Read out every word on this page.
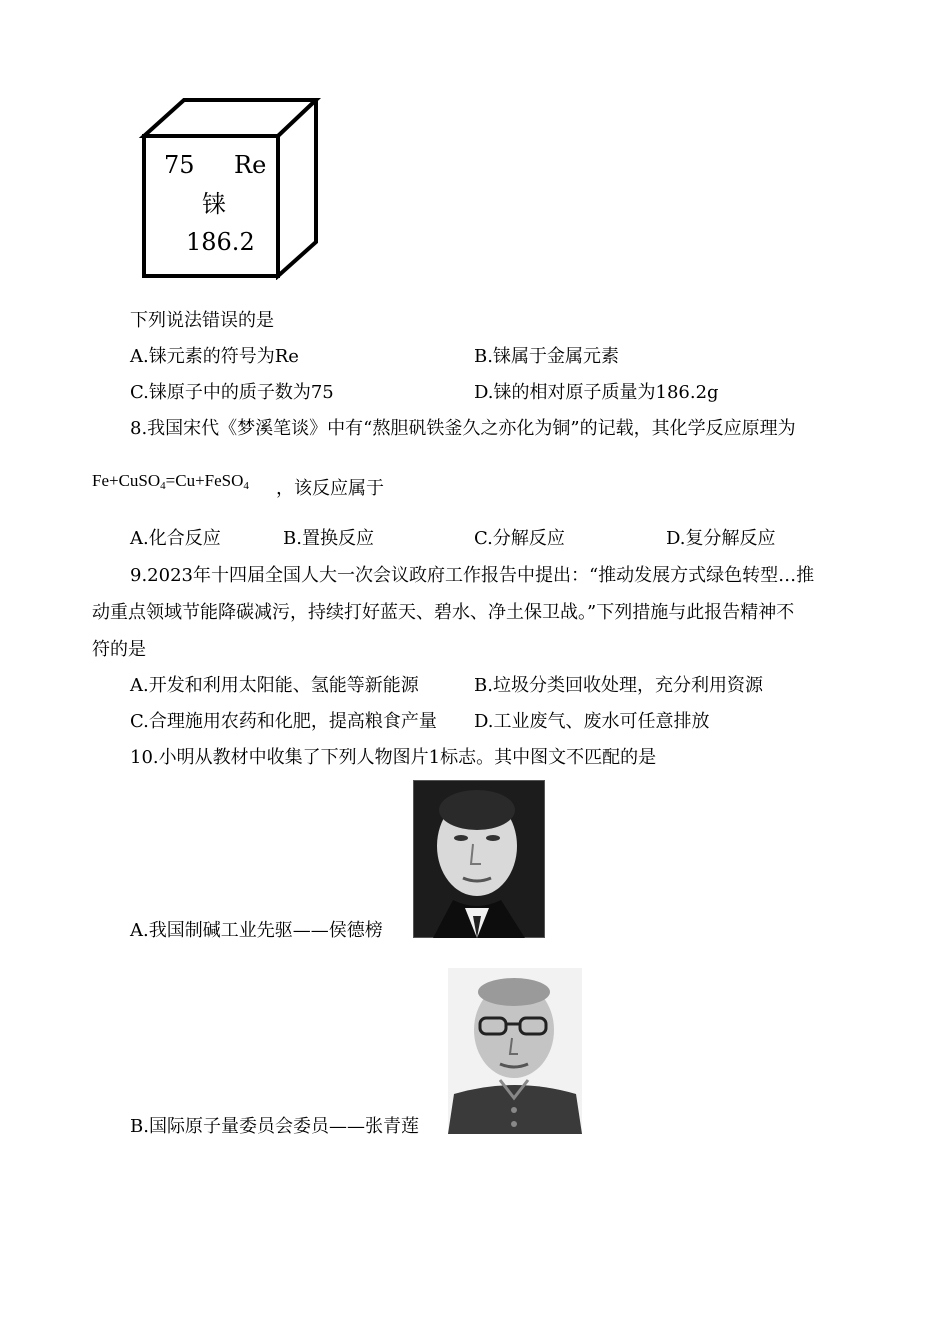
75 Re
铼
186.2
下列说法错误的是
A.铼元素的符号为Re	B.铼属于金属元素
C.铼原子中的质子数为75	D.铼的相对原子质量为186.2g
8.我国宋代《梦溪笔谈》中有“熬胆矾铁釜久之亦化为铜”的记载，其化学反应原理为
Fe+CuSO$_4$=Cu+FeSO$_4$ ，该反应属于
A.化合反应	B.置换反应	C.分解反应	D.复分解反应
9.2023年十四届全国人大一次会议政府工作报告中提出：“推动发展方式绿色转型…推
动重点领域节能降碳减污，持续打好蓝天、碧水、净土保卫战。”下列措施与此报告精神不
符的是
A.开发和利用太阳能、氢能等新能源	B.垃圾分类回收处理，充分利用资源
C.合理施用农药和化肥，提高粮食产量 D.工业废气、废水可任意排放
10.小明从教材中收集了下列人物图片1标志。其中图文不匹配的是
A.我国制碱工业先驱——侯德榜
B.国际原子量委员会委员——张青莲
